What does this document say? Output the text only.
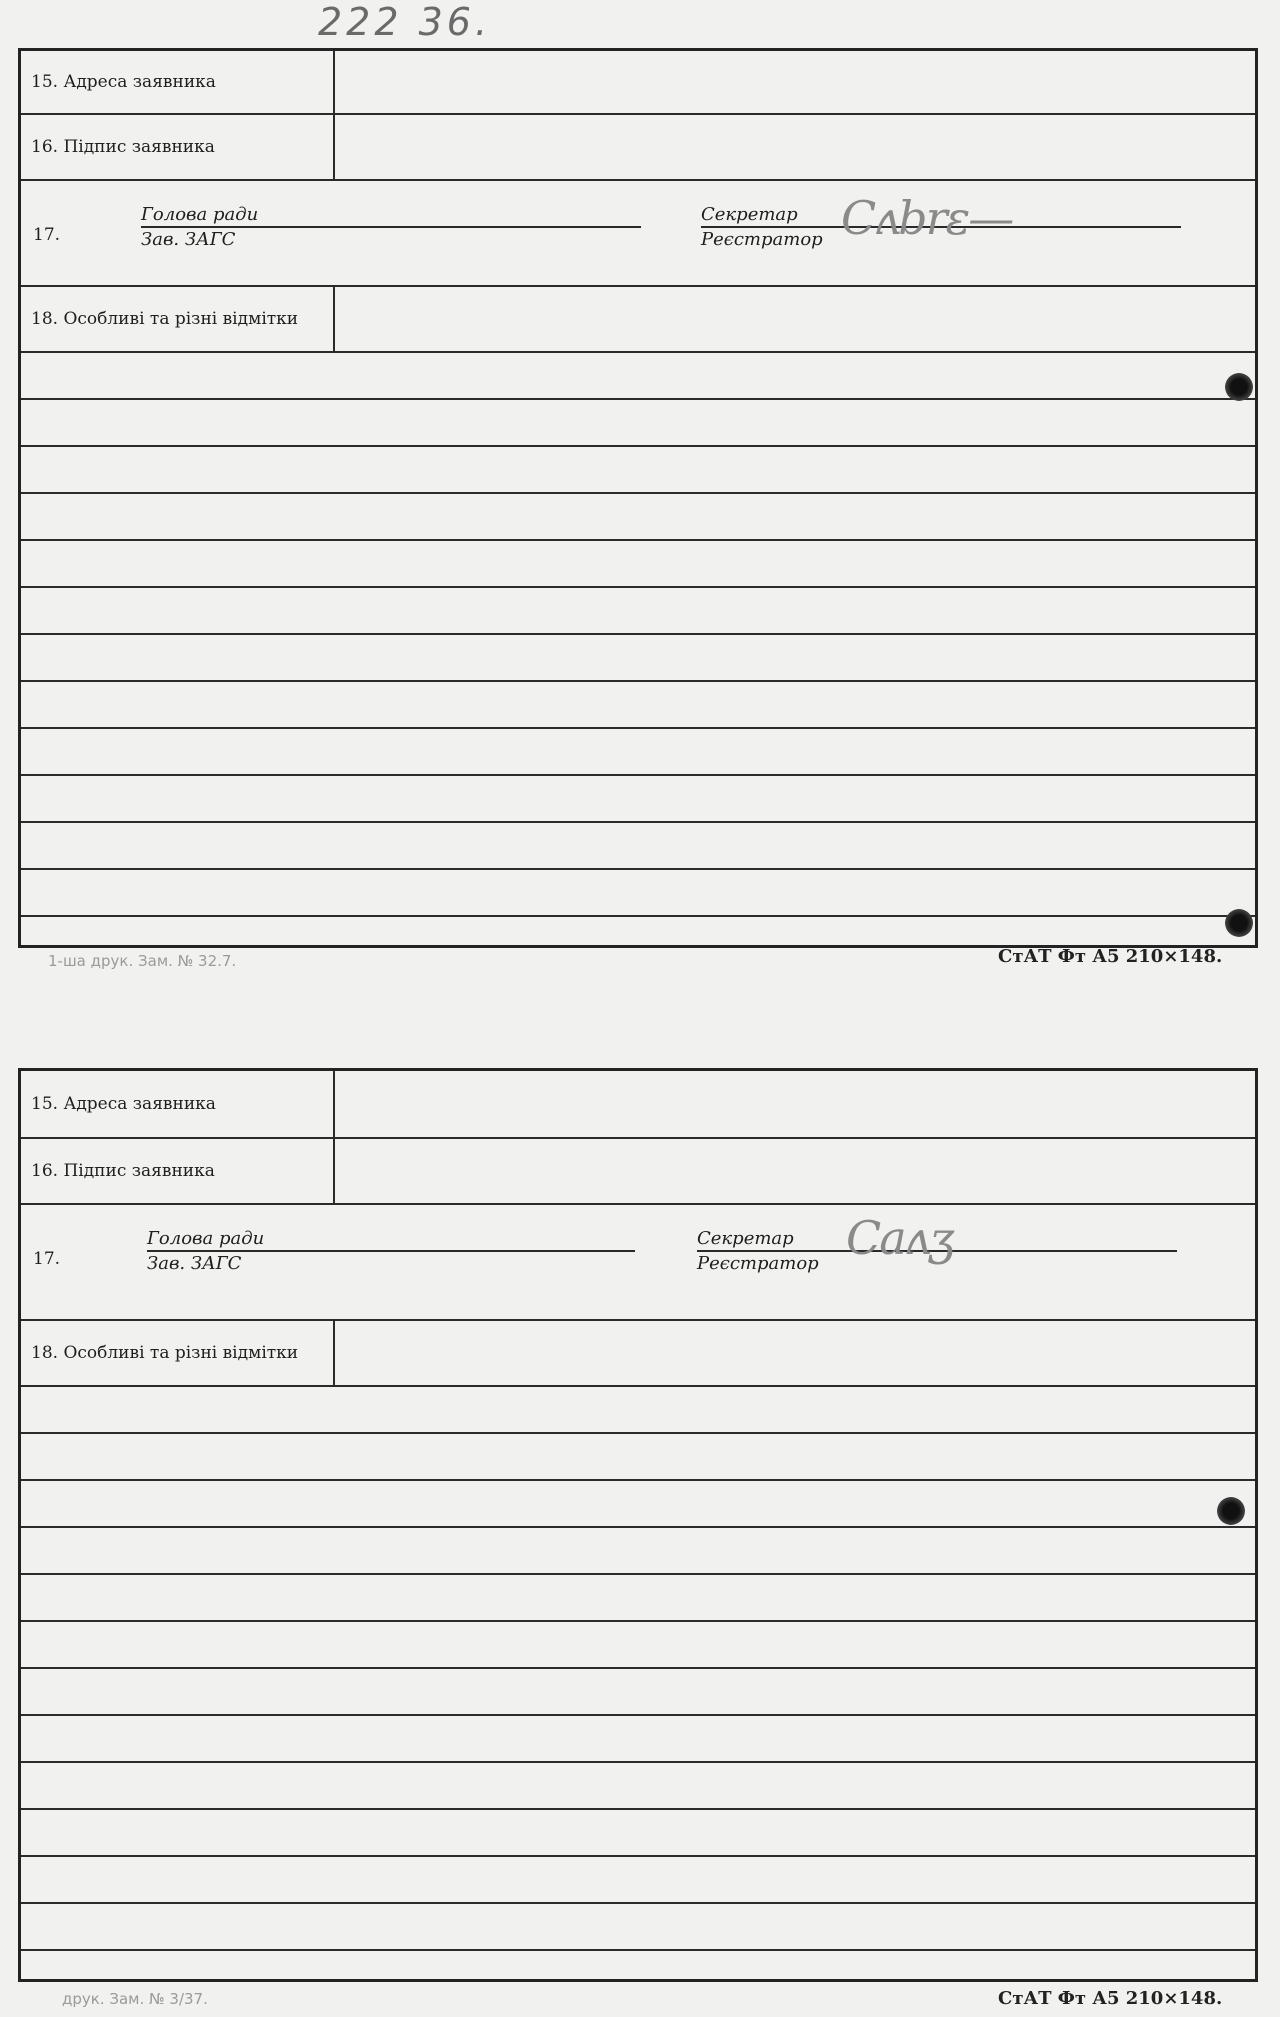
222 36.
15. Адреса заявника
16. Підпис заявника
17.
Голова ради
Зав. ЗАГС
Секретар
Реєстратор Cʌbrε—
18. Особливі та різні відмітки
1-ша друк. Зам. № 32.7.	СтАТ Фт А5 210×148.
15. Адреса заявника
16. Підпис заявника
17.
Голова ради
Зав. ЗАГС
Секретар
Реєстратор Caʌʒ
18. Особливі та різні відмітки
друк. Зам. № 3/37.	СтАТ Фт А5 210×148.
